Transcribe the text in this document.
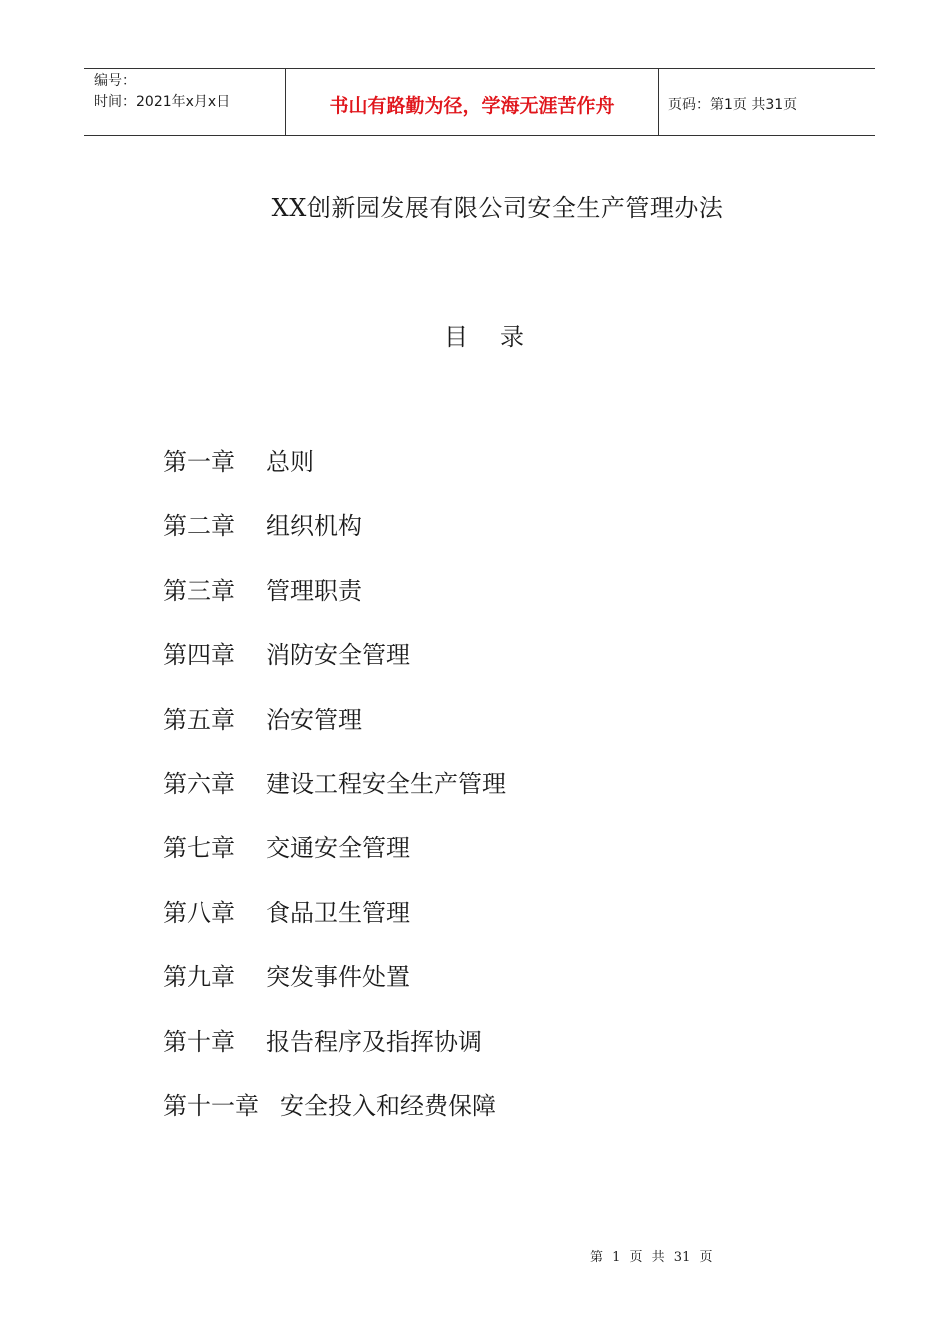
编号：
时间：2021年x月x日	书山有路勤为径，学海无涯苦作舟	页码：第1页 共31页
XX创新园发展有限公司安全生产管理办法
目录
第一章 总则
第二章 组织机构
第三章 管理职责
第四章 消防安全管理
第五章 治安管理
第六章 建设工程安全生产管理
第七章 交通安全管理
第八章 食品卫生管理
第九章 突发事件处置
第十章 报告程序及指挥协调
第十一章 安全投入和经费保障
第 1 页 共 31 页
